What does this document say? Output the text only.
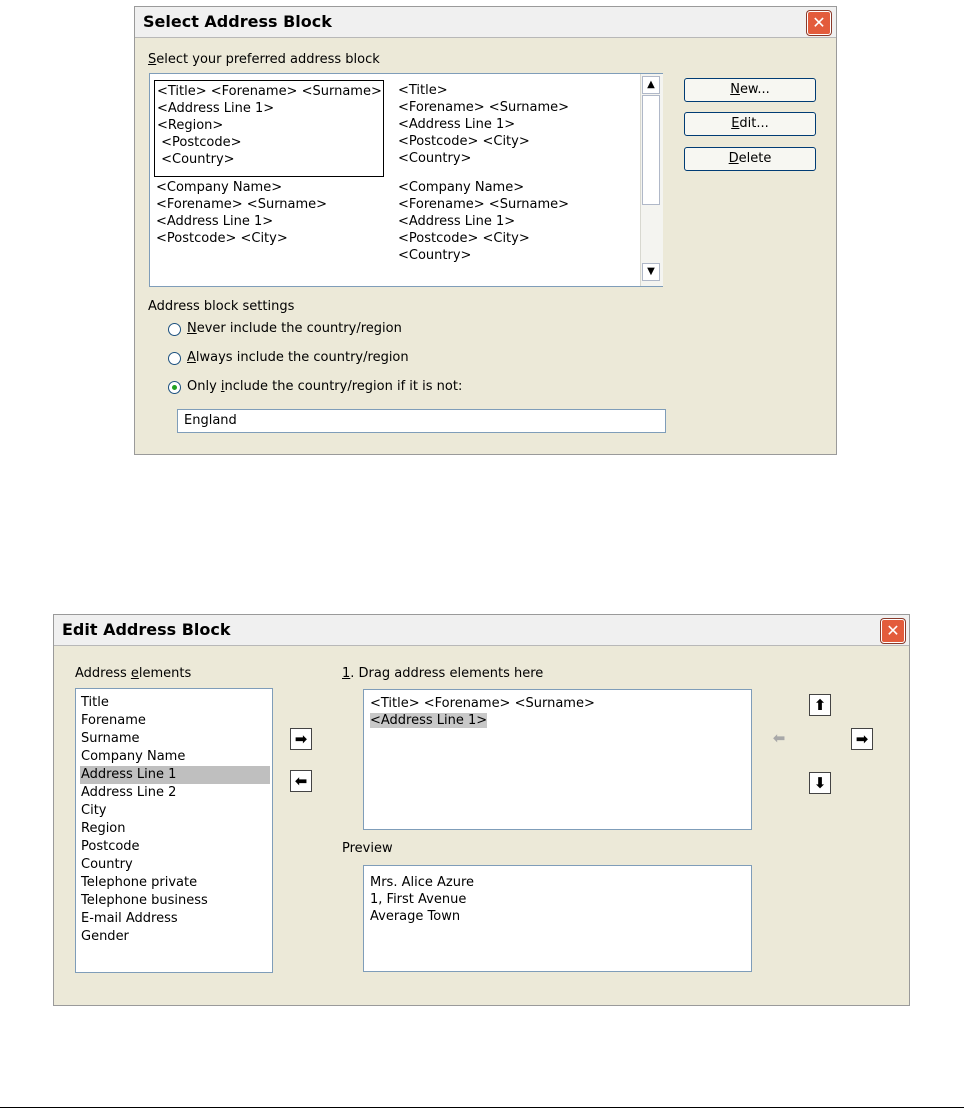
Select Address Block	✕
Select your preferred address block
<Title> <Forename> <Surname>
<Address Line 1>
<Region>
<Postcode>
<Country>
<Title>
<Forename> <Surname>
<Address Line 1>
<Postcode> <City>
<Country>
<Company Name>
<Forename> <Surname>
<Address Line 1>
<Postcode> <City>
<Company Name>
<Forename> <Surname>
<Address Line 1>
<Postcode> <City>
<Country>
▲
▼
New...
Edit...
Delete
Address block settings
Never include the country/region
Always include the country/region
Only include the country/region if it is not:
England
Edit Address Block	✕
Address elements
Title
Forename
Surname
Company Name
Address Line 1
Address Line 2
City
Region
Postcode
Country
Telephone private
Telephone business
E-mail Address
Gender
➡
⬅
1. Drag address elements here
<Title> <Forename> <Surname>
<Address Line 1>
⬆
⬅	➡
⬇
Preview
Mrs. Alice Azure
1, First Avenue
Average Town
